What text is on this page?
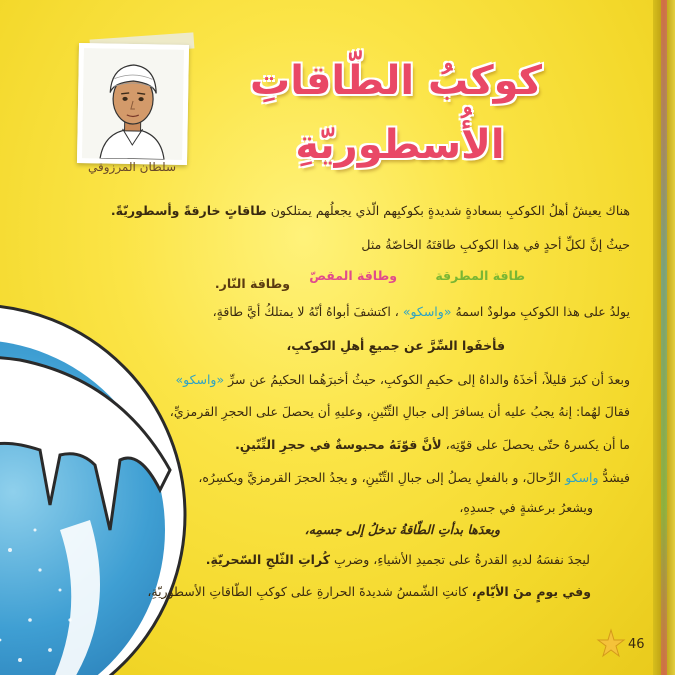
سلطان المرزوقي
كوكبُ الطّاقاتِ
الأُسطوريّةِ
هناك يعيشُ أهلُ الكوكبِ بسعادةٍ شديدةٍ بكوكبِهم الّذي يجعلُهم يمتلكون طاقاتٍ خارقةً وأسطوريّةً.
حيثُ إنَّ لكلِّ أحدٍ في هذا الكوكبِ طاقتَهُ الخاصّةُ مثل
طاقة المطرقة
وطاقة المقصّ
وطاقة النّار.
يولدُ على هذا الكوكبِ مولودٌ اسمهُ «واسكو» ، اكتشفَ أبواهُ أنّهُ لا يمتلكُ أيَّ طاقةٍ،
فأخفَوا السِّرَّ عن جميعِ أهلِ الكوكبِ،
وبعدَ أن كبرَ قليلاً، أخذَهُ والداهُ إلى حكيمِ الكوكبِ، حيثُ أخبرَهُما الحكيمُ عن سرِّ «واسكو»
فقالَ لهُما: إنهُ يجبُ عليه أن يسافرَ إلى جبالِ التِّنّينِ، وعليهِ أن يحصلَ على الحجرِ القرمزيِّ،
ما أن يكسرهُ حتّى يحصلَ على قوّتِه، لأنَّ قوّتَهُ محبوسةٌ في حجرِ التِّنّينِ.
فيشدُّ واسكو الرِّحالَ، و بالفعلِ يصلُ إلى جبالِ التِّنّينِ، و يجدُ الحجرَ القرمزيَّ ويكسِرُه،
ويشعرُ برعشةٍ في جسدِهِ،
وبعدَها بدأتِ الطّاقةُ تدخلُ إلى جسمِه،
ليجدَ نفسَهُ لديهِ القدرةُ على تجميدِ الأشياءِ، وضربِ كُراتِ الثّلجِ السّحريّةِ.
وفي يومٍ منَ الأيّامِ، كانتِ الشّمسُ شديدةَ الحرارةِ على كوكبِ الطّاقاتِ الأسطوريّةِ،
46
